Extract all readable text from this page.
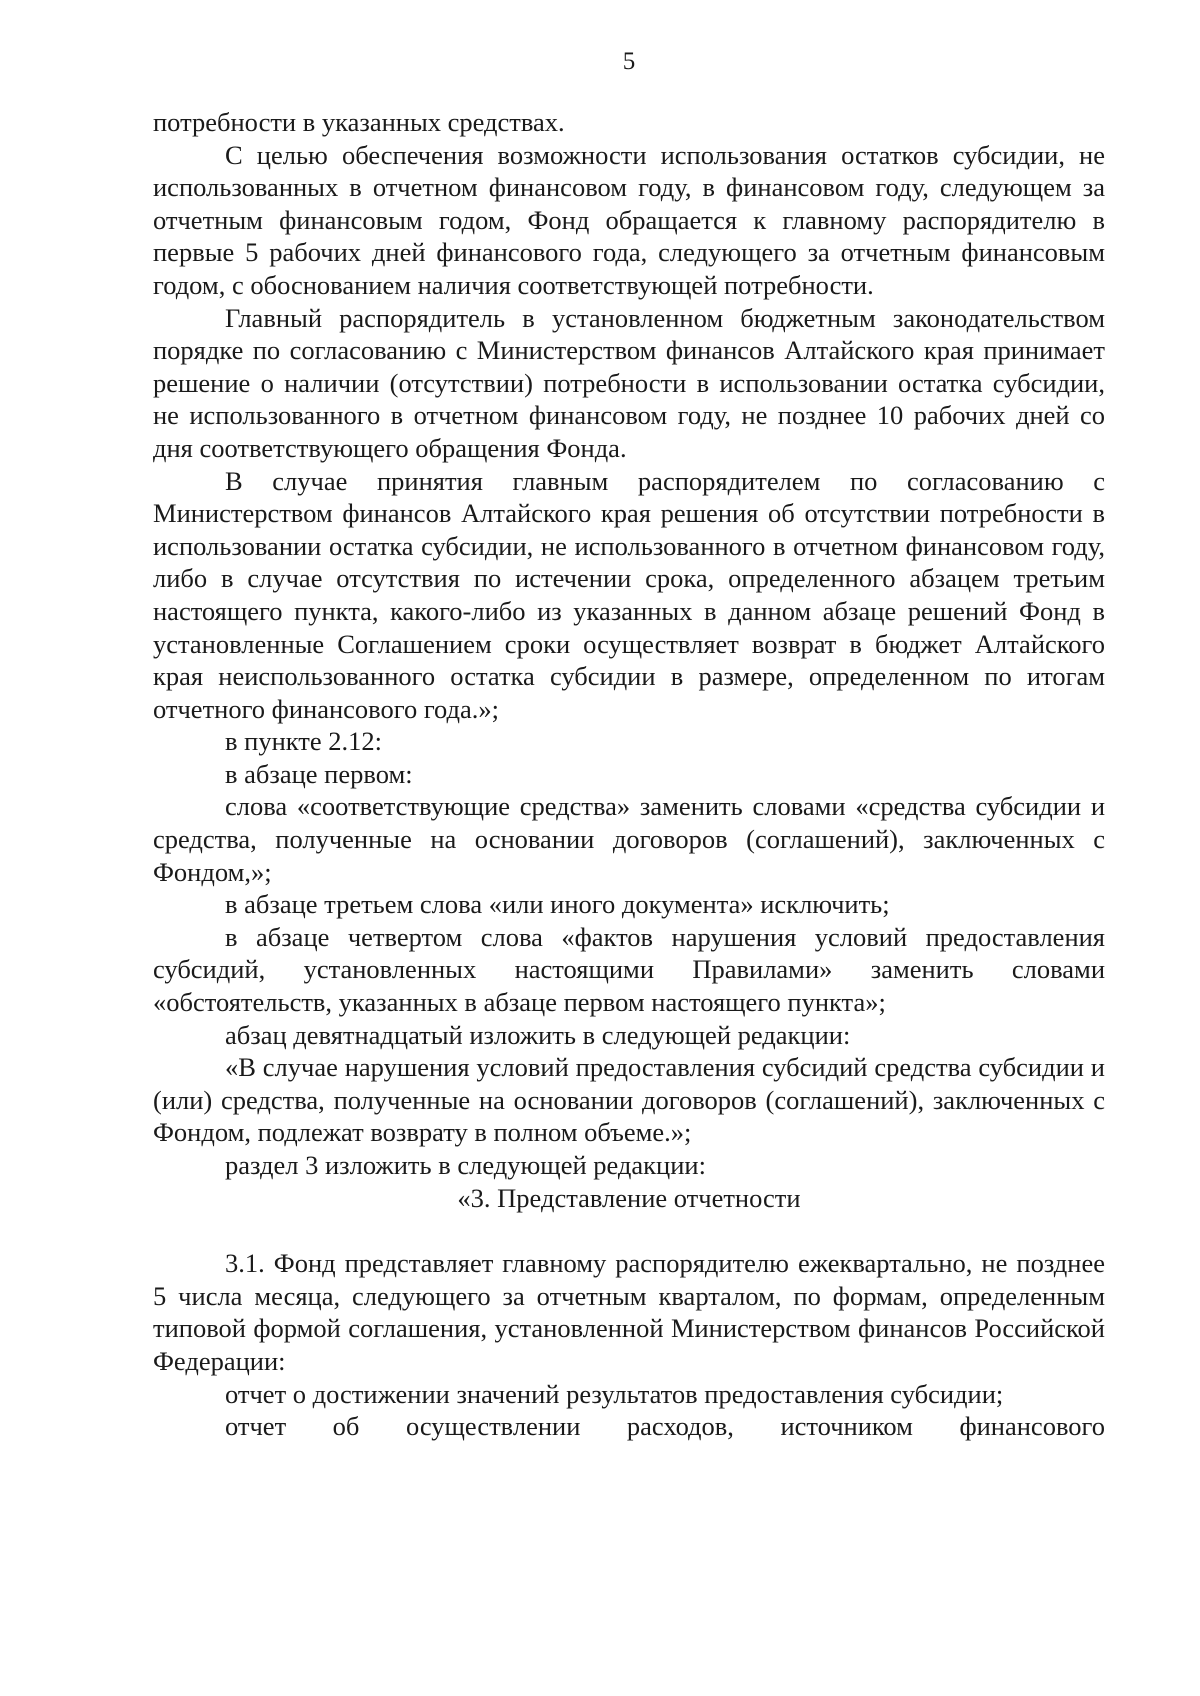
5

потребности в указанных средствах.

С целью обеспечения возможности использования остатков субсидии, не использованных в отчетном финансовом году, в финансовом году, следующем за отчетным финансовым годом, Фонд обращается к главному распорядителю в первые 5 рабочих дней финансового года, следующего за отчетным финансовым годом, с обоснованием наличия соответствующей потребности.

Главный распорядитель в установленном бюджетным законодательством порядке по согласованию с Министерством финансов Алтайского края принимает решение о наличии (отсутствии) потребности в использовании остатка субсидии, не использованного в отчетном финансовом году, не позднее 10 рабочих дней со дня соответствующего обращения Фонда.

В случае принятия главным распорядителем по согласованию с Министерством финансов Алтайского края решения об отсутствии потребности в использовании остатка субсидии, не использованного в отчетном финансовом году, либо в случае отсутствия по истечении срока, определенного абзацем третьим настоящего пункта, какого-либо из указанных в данном абзаце решений Фонд в установленные Соглашением сроки осуществляет возврат в бюджет Алтайского края неиспользованного остатка субсидии в размере, определенном по итогам отчетного финансового года.»;

в пункте 2.12:

в абзаце первом:

слова «соответствующие средства» заменить словами «средства субсидии и средства, полученные на основании договоров (соглашений), заключенных с Фондом,»;

в абзаце третьем слова «или иного документа» исключить;

в абзаце четвертом слова «фактов нарушения условий предоставления субсидий, установленных настоящими Правилами» заменить словами «обстоятельств, указанных в абзаце первом настоящего пункта»;

абзац девятнадцатый изложить в следующей редакции:

«В случае нарушения условий предоставления субсидий средства субсидии и (или) средства, полученные на основании договоров (соглашений), заключенных с Фондом, подлежат возврату в полном объеме.»;

раздел 3 изложить в следующей редакции:

«3. Представление отчетности

3.1. Фонд представляет главному распорядителю ежеквартально, не позднее 5 числа месяца, следующего за отчетным кварталом, по формам, определенным типовой формой соглашения, установленной Министерством финансов Российской Федерации:

отчет о достижении значений результатов предоставления субсидии;

отчет об осуществлении расходов, источником финансового
